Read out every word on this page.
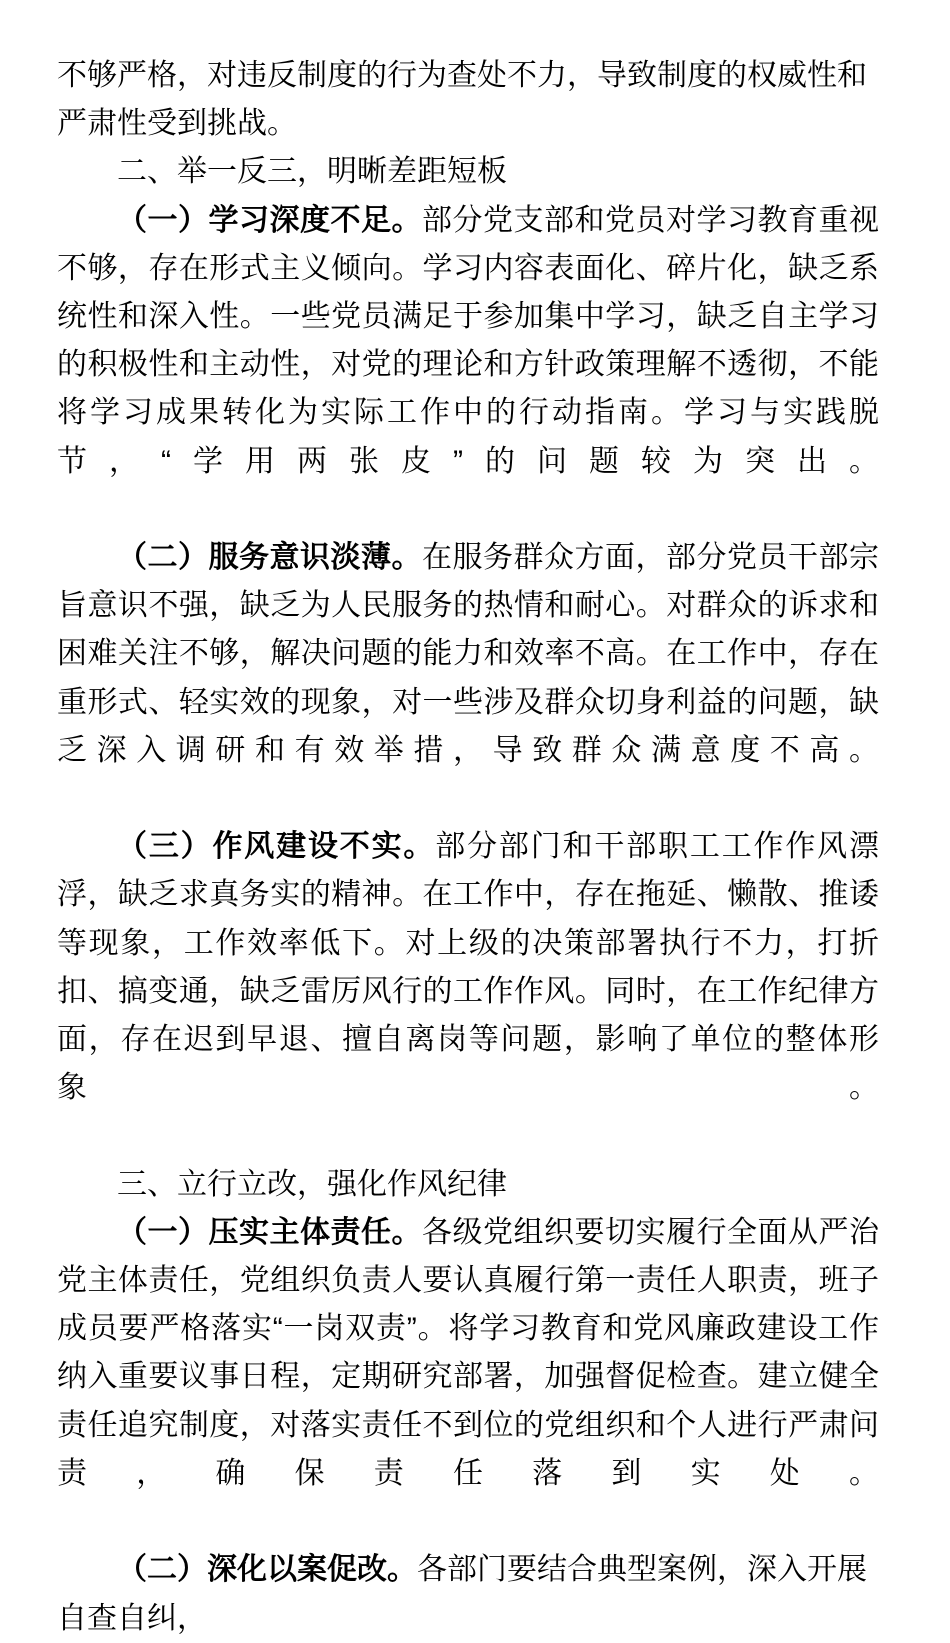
不够严格，对违反制度的行为查处不力，导致制度的权威性和严肃性受到挑战。

二、举一反三，明晰差距短板

（一）学习深度不足。部分党支部和党员对学习教育重视不够，存在形式主义倾向。学习内容表面化、碎片化，缺乏系统性和深入性。一些党员满足于参加集中学习，缺乏自主学习的积极性和主动性，对党的理论和方针政策理解不透彻，不能将学习成果转化为实际工作中的行动指南。学习与实践脱节，“学用两张皮”的问题较为突出。

（二）服务意识淡薄。在服务群众方面，部分党员干部宗旨意识不强，缺乏为人民服务的热情和耐心。对群众的诉求和困难关注不够，解决问题的能力和效率不高。在工作中，存在重形式、轻实效的现象，对一些涉及群众切身利益的问题，缺乏深入调研和有效举措，导致群众满意度不高。

（三）作风建设不实。部分部门和干部职工工作作风漂浮，缺乏求真务实的精神。在工作中，存在拖延、懒散、推诿等现象，工作效率低下。对上级的决策部署执行不力，打折扣、搞变通，缺乏雷厉风行的工作作风。同时，在工作纪律方面，存在迟到早退、擅自离岗等问题，影响了单位的整体形象。

三、立行立改，强化作风纪律

（一）压实主体责任。各级党组织要切实履行全面从严治党主体责任，党组织负责人要认真履行第一责任人职责，班子成员要严格落实“一岗双责”。将学习教育和党风廉政建设工作纳入重要议事日程，定期研究部署，加强督促检查。建立健全责任追究制度，对落实责任不到位的党组织和个人进行严肃问责，确保责任落到实处。

（二）深化以案促改。各部门要结合典型案例，深入开展自查自纠，
